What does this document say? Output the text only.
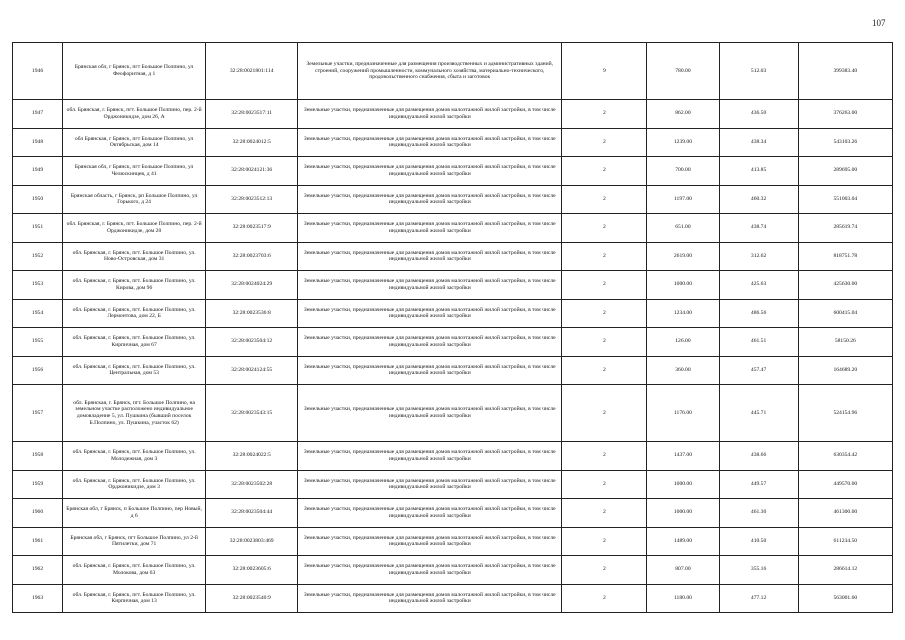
107
1946	Брянская обл, г Брянск, пгт Большое Полпино, ул Феофоритная, д 1	32:28:0021801:114	Земельные участки, предназначенные для размещения производственных и административных зданий, строений, сооружений промышленности, коммунального хозяйства, материально-технического, продовольственного снабжения, сбыта и заготовок	9	780.00	512.03	399383.40
1947	обл. Брянская, г. Брянск, пгт. Большое Полпино, пер. 2-й Орджоникидзе, дом 26, А	32:28:0023517:11	Земельные участки, предназначенные для размещения домов малоэтажной жилой застройки, в том числе индивидуальной жилой застройки	2	862.00	436.50	376263.00
1948	обл Брянская, г Брянск, пгт Большое Полпино, ул Октябрьская, дом 14	32:28:0024012:5	Земельные участки, предназначенные для размещения домов малоэтажной жилой застройки, в том числе индивидуальной жилой застройки	2	1239.00	438.34	543103.26
1949	Брянская обл, г Брянск, пгт Большое Полпино, ул Челюскинцев, д 41	32:28:0024121:36	Земельные участки, предназначенные для размещения домов малоэтажной жилой застройки, в том числе индивидуальной жилой застройки	2	700.00	413.85	289695.00
1950	Брянская область, г Брянск, рп Большое Полпино, ул Горького, д 24	32:28:0023512:13	Земельные участки, предназначенные для размещения домов малоэтажной жилой застройки, в том числе индивидуальной жилой застройки	2	1197.00	460.32	551003.04
1951	обл. Брянская, г. Брянск, пгт. Большое Полпино, пер. 2-й Орджоникидзе, дом 20	32:28:0023517:9	Земельные участки, предназначенные для размещения домов малоэтажной жилой застройки, в том числе индивидуальной жилой застройки	2	651.00	438.74	285619.74
1952	обл. Брянская, г. Брянск, пгт. Большое Полпино, ул. Ново-Островская, дом 31	32:28:0023703:6	Земельные участки, предназначенные для размещения домов малоэтажной жилой застройки, в том числе индивидуальной жилой застройки	2	2619.00	312.62	818751.78
1953	обл. Брянская, г. Брянск, пгт. Большое Полпино, ул. Кирова, дом 96	32:28:0024024:29	Земельные участки, предназначенные для размещения домов малоэтажной жилой застройки, в том числе индивидуальной жилой застройки	2	1000.00	425.63	425630.00
1954	обл. Брянская, г. Брянск, пгт. Большое Полпино, ул. Лермонтова, дом 22, Б	32:28:0023536:8	Земельные участки, предназначенные для размещения домов малоэтажной жилой застройки, в том числе индивидуальной жилой застройки	2	1234.00	486.56	600415.04
1955	обл. Брянская, г. Брянск, пгт. Большое Полпино, ул. Кирпичная, дом 67	32:28:0023504:12	Земельные участки, предназначенные для размещения домов малоэтажной жилой застройки, в том числе индивидуальной жилой застройки	2	126.00	461.51	58150.26
1956	обл. Брянская, г. Брянск, пгт. Большое Полпино, ул. Центральная, дом 53	32:28:0024124:55	Земельные участки, предназначенные для размещения домов малоэтажной жилой застройки, в том числе индивидуальной жилой застройки	2	360.00	457.47	164689.20
1957	обл. Брянская, г. Брянск, пгт. Большое Полпино, на земельном участке расположено индивидуальное домовладение 5, ул. Пушкина (бывший поселок Б.Полпино, ул. Пушкина, участок 62)	32:28:0023543:15	Земельные участки, предназначенные для размещения домов малоэтажной жилой застройки, в том числе индивидуальной жилой застройки	2	1176.00	445.71	524154.96
1958	обл. Брянская, г. Брянск, пгт. Большое Полпино, ул. Молодежная, дом 3	32:28:0024022:5	Земельные участки, предназначенные для размещения домов малоэтажной жилой застройки, в том числе индивидуальной жилой застройки	2	1437.00	438.66	630354.42
1959	обл. Брянская, г. Брянск, пгт. Большое Полпино, ул. Орджоникидзе, дом 3	32:28:0023502:28	Земельные участки, предназначенные для размещения домов малоэтажной жилой застройки, в том числе индивидуальной жилой застройки	2	1000.00	449.57	449570.00
1960	Брянская обл, г Брянск, п Большое Полпино, пер Новый, д 6	32:28:0023504:44	Земельные участки, предназначенные для размещения домов малоэтажной жилой застройки, в том числе индивидуальной жилой застройки	2	1000.00	461.30	461300.00
1961	Брянская обл, г Брянск, пгт Большое Полпино, ул 2-й Пятилетки, дом 71	32:28:0023803:469	Земельные участки, предназначенные для размещения домов малоэтажной жилой застройки, в том числе индивидуальной жилой застройки	2	1489.00	410.50	611234.50
1962	обл. Брянская, г. Брянск, пгт. Большое Полпино, ул. Молокова, дом 63	32:28:0023605:6	Земельные участки, предназначенные для размещения домов малоэтажной жилой застройки, в том числе индивидуальной жилой застройки	2	807.00	355.16	286614.12
1963	обл. Брянская, г. Брянск, пгт. Большое Полпино, ул. Кирпичная, дом 13	32:28:0023540:9	Земельные участки, предназначенные для размещения домов малоэтажной жилой застройки, в том числе индивидуальной жилой застройки	2	1180.00	477.12	563001.60
